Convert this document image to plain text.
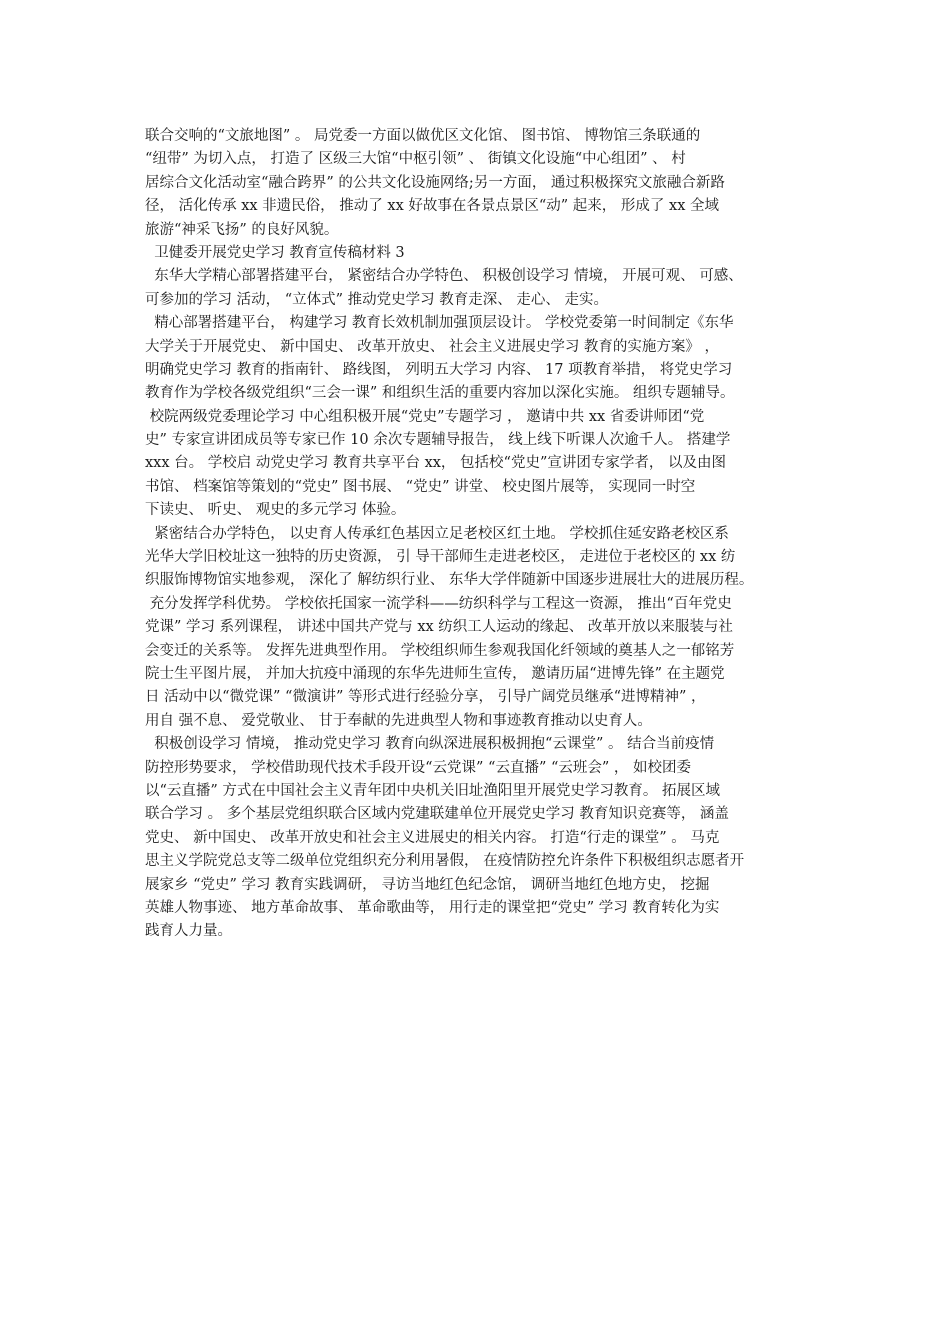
联合交响的“文旅地图” 。 局党委一方面以做优区文化馆、 图书馆、 博物馆三条联通的
“纽带” 为切入点， 打造了 区级三大馆“中枢引领” 、 街镇文化设施“中心组团” 、 村
居综合文化活动室“融合跨界” 的公共文化设施网络;另一方面， 通过积极探究文旅融合新路
径， 活化传承 xx 非遗民俗， 推动了 xx 好故事在各景点景区“动” 起来， 形成了 xx 全域
旅游“神采飞扬” 的良好风貌。
卫健委开展党史学习 教育宣传稿材料 3
东华大学精心部署搭建平台， 紧密结合办学特色、 积极创设学习 情境， 开展可观、 可感、
可参加的学习 活动， “立体式” 推动党史学习 教育走深、 走心、 走实。
精心部署搭建平台， 构建学习 教育长效机制加强顶层设计。 学校党委第一时间制定《东华
大学关于开展党史、 新中国史、 改革开放史、 社会主义进展史学习 教育的实施方案》 ，
明确党史学习 教育的指南针、 路线图， 列明五大学习 内容、 17 项教育举措， 将党史学习
教育作为学校各级党组织“三会一课” 和组织生活的重要内容加以深化实施。 组织专题辅导。
校院两级党委理论学习 中心组积极开展“党史”专题学习 ， 邀请中共 xx 省委讲师团“党
史” 专家宣讲团成员等专家已作 10 余次专题辅导报告， 线上线下听课人次逾千人。 搭建学
xxx 台。 学校启 动党史学习 教育共享平台 xx， 包括校“党史”宣讲团专家学者， 以及由图
书馆、 档案馆等策划的“党史” 图书展、 “党史” 讲堂、 校史图片展等， 实现同一时空
下读史、 听史、 观史的多元学习 体验。
紧密结合办学特色， 以史育人传承红色基因立足老校区红土地。 学校抓住延安路老校区系
光华大学旧校址这一独特的历史资源， 引 导干部师生走进老校区， 走进位于老校区的 xx 纺
织服饰博物馆实地参观， 深化了 解纺织行业、 东华大学伴随新中国逐步进展壮大的进展历程。
充分发挥学科优势。 学校依托国家一流学科——纺织科学与工程这一资源， 推出“百年党史
党课” 学习 系列课程， 讲述中国共产党与 xx 纺织工人运动的缘起、 改革开放以来服装与社
会变迁的关系等。 发挥先进典型作用。 学校组织师生参观我国化纤领域的奠基人之一郁铭芳
院士生平图片展， 并加大抗疫中涌现的东华先进师生宣传， 邀请历届“进博先锋” 在主题党
日 活动中以“微党课” “微演讲” 等形式进行经验分享， 引导广阔党员继承“进博精神” ，
用自 强不息、 爱党敬业、 甘于奉献的先进典型人物和事迹教育推动以史育人。
积极创设学习 情境， 推动党史学习 教育向纵深进展积极拥抱“云课堂” 。 结合当前疫情
防控形势要求， 学校借助现代技术手段开设“云党课” “云直播” “云班会” ， 如校团委
以“云直播” 方式在中国社会主义青年团中央机关旧址渔阳里开展党史学习教育。 拓展区域
联合学习 。 多个基层党组织联合区域内党建联建单位开展党史学习 教育知识竞赛等， 涵盖
党史、 新中国史、 改革开放史和社会主义进展史的相关内容。 打造“行走的课堂” 。 马克
思主义学院党总支等二级单位党组织充分利用暑假， 在疫情防控允许条件下积极组织志愿者开
展家乡 “党史” 学习 教育实践调研， 寻访当地红色纪念馆， 调研当地红色地方史， 挖掘
英雄人物事迹、 地方革命故事、 革命歌曲等， 用行走的课堂把“党史” 学习 教育转化为实
践育人力量。
